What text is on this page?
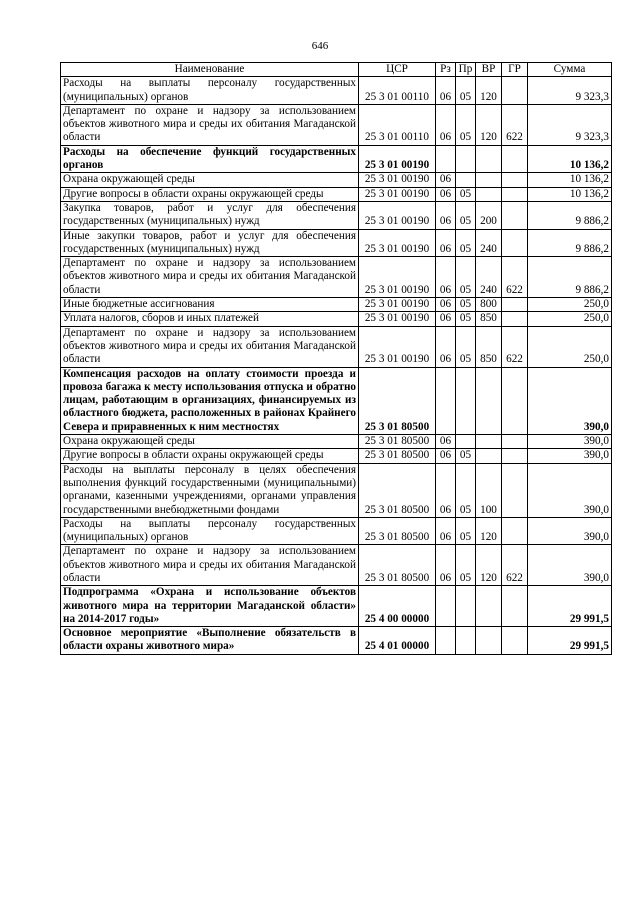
646
Наименование	ЦСР	Рз	Пр	ВР	ГР	Сумма
Расходы на выплаты персоналу государственных (муниципальных) органов	25 3 01 00110	06	05	120		9 323,3
Департамент по охране и надзору за использованием объектов животного мира и среды их обитания Магаданской области	25 3 01 00110	06	05	120	622	9 323,3
Расходы на обеспечение функций государственных органов	25 3 01 00190					10 136,2
Охрана окружающей среды	25 3 01 00190	06				10 136,2
Другие вопросы в области охраны окружающей среды	25 3 01 00190	06	05			10 136,2
Закупка товаров, работ и услуг для обеспечения государственных (муниципальных) нужд	25 3 01 00190	06	05	200		9 886,2
Иные закупки товаров, работ и услуг для обеспечения государственных (муниципальных) нужд	25 3 01 00190	06	05	240		9 886,2
Департамент по охране и надзору за использованием объектов животного мира и среды их обитания Магаданской области	25 3 01 00190	06	05	240	622	9 886,2
Иные бюджетные ассигнования	25 3 01 00190	06	05	800		250,0
Уплата налогов, сборов и иных платежей	25 3 01 00190	06	05	850		250,0
Департамент по охране и надзору за использованием объектов животного мира и среды их обитания Магаданской области	25 3 01 00190	06	05	850	622	250,0
Компенсация расходов на оплату стоимости проезда и провоза багажа к месту использования отпуска и обратно лицам, работающим в организациях, финансируемых из областного бюджета, расположенных в районах Крайнего Севера и приравненных к ним местностях	25 3 01 80500					390,0
Охрана окружающей среды	25 3 01 80500	06				390,0
Другие вопросы в области охраны окружающей среды	25 3 01 80500	06	05			390,0
Расходы на выплаты персоналу в целях обеспечения выполнения функций государственными (муниципальными) органами, казенными учреждениями, органами управления государственными внебюджетными фондами	25 3 01 80500	06	05	100		390,0
Расходы на выплаты персоналу государственных (муниципальных) органов	25 3 01 80500	06	05	120		390,0
Департамент по охране и надзору за использованием объектов животного мира и среды их обитания Магаданской области	25 3 01 80500	06	05	120	622	390,0
Подпрограмма «Охрана и использование объектов животного мира на территории Магаданской области» на 2014-2017 годы»	25 4 00 00000					29 991,5
Основное мероприятие «Выполнение обязательств в области охраны животного мира»	25 4 01 00000					29 991,5
